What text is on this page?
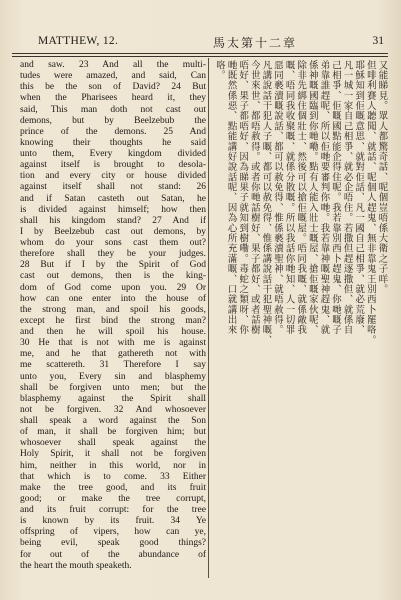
MATTHEW, 12.	馬太第十二章	31
and saw. 23 And all the multi-
tudes were amazed, and said, Can
this be the son of David? 24 But
when the Pharisees heard it, they
said, This man doth not cast out
demons, but by Beelzebub the
prince of the demons. 25 And
knowing their thoughts he said
unto them, Every kingdom divided
against itself is brought to desola-
tion and every city or house divided
against itself shall not stand: 26
and if Satan casteth out Satan, he
is divided against himself; how then
shall his kingdom stand? 27 And if
I by Beelzebub cast out demons, by
whom do your sons cast them out?
therefore shall they be your judges.
28 But if I by the Spirit of God
cast out demons, then is the king-
dom of God come upon you. 29 Or
how can one enter into the house of
the strong man, and spoil his goods,
except he first bind the strong man?
and then he will spoil his house.
30 He that is not with me is against
me, and he that gathereth not with
me scattereth. 31 Therefore I say
unto you, Every sin and blasphemy
shall be forgiven unto men; but the
blasphemy against the Spirit shall
not be forgiven. 32 And whosoever
shall speak a word against the Son
of man, it shall be forgiven him; but
whosoever shall speak against the
Holy Spirit, it shall not be forgiven
him, neither in this world, nor in
that which is to come. 33 Either
make the tree good, and its fruit
good; or make the tree corrupt,
and its fruit corrupt: for the tree
is known by its fruit. 34 Ye
offspring of vipers, how can ye,
being evil, speak good things?
for out of the abundance of
the heart the mouth speaketh.
又能睇見。眾人都驚奇話、呢個豈唔係大衛之子咩。
但啡利賽人聽聞、就話、呢個人趕鬼、無非靠鬼王別西卜罷咯。
耶穌知到佢嘅意思、就對佢話、凡一國自己相爭、就必荒廢、
凡一城一家自己相爭、就必企唔住。若撒但趕逐撒但、就係自
己相爭、佢嘅國點能企得住呢。我若靠別西卜趕鬼、你哋嘅子
弟靠誰趕呢、所以佢哋要審判你哋。我若靠神嘅聖神趕鬼、就
係神嘅國臨到你哋嘞。點有人能入壯士嘅屋、搶佢嘅家伙呢、
除非先綁住個壯士、然後可以搶佢嘅屋。唔同我嘅、就係敵我
嘅、唔同我收聚嘅、就係分散嘅。所以我話你哋知、人一切罪
惡同褻瀆嘅說話、都可以赦免得、惟係褻瀆聖神、就唔赦得。
凡講說話干犯人子嘅、都可以赦免得、惟係講說話干犯聖神嘅、
今世來世、都唔赦得。或者你哋話樹好、果子都好、或者話樹
唔好、果子都唔好、因為睇果子就知到樹嘞。毒蛇之類呀、你
哋既然係惡、點能講好說話呢、因為心所充滿嘅、口就講出來
咯。
